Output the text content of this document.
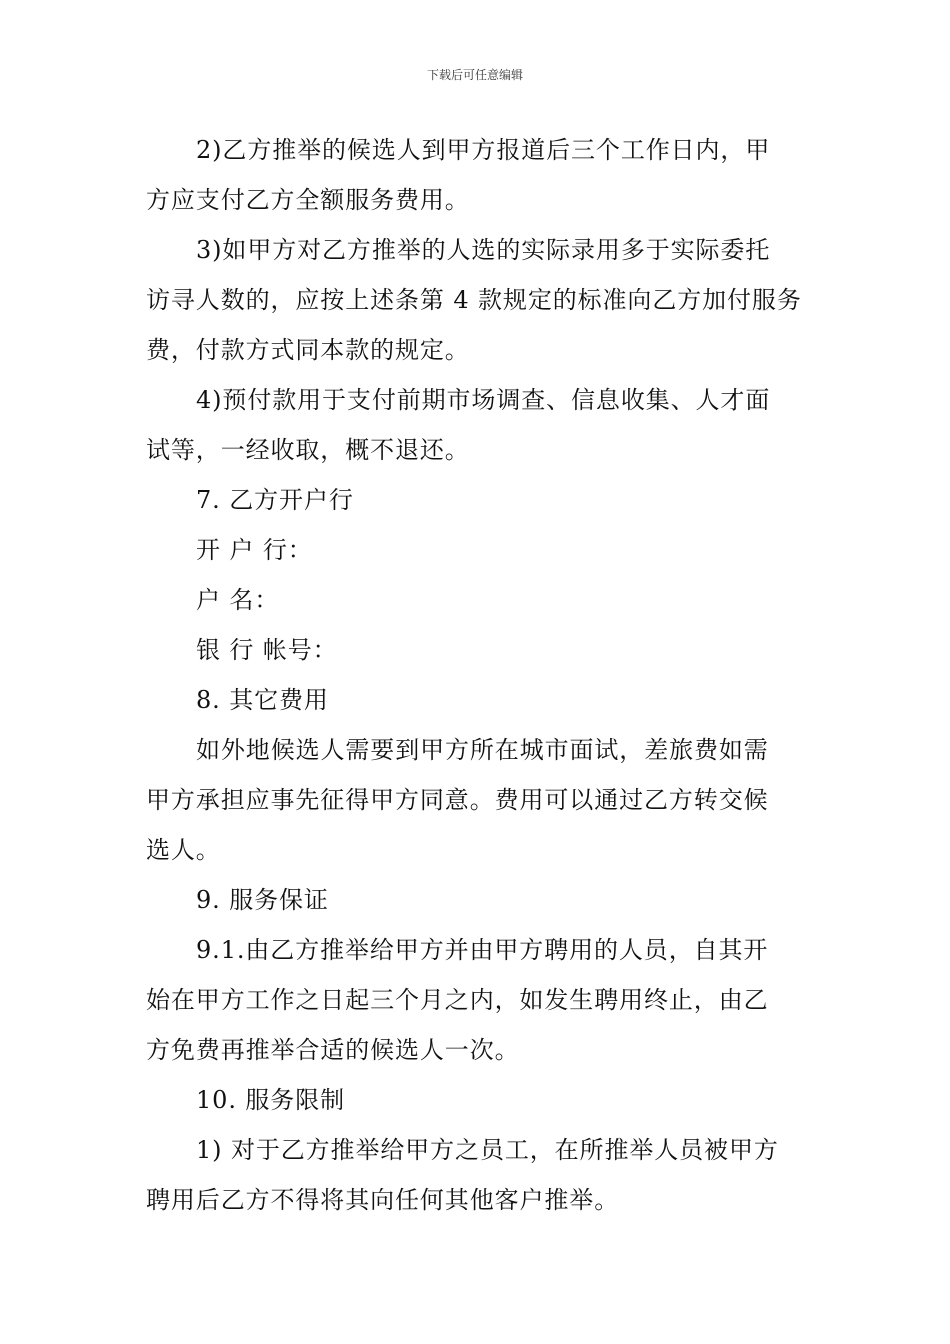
下载后可任意编辑
2)乙方推举的候选人到甲方报道后三个工作日内，甲
方应支付乙方全额服务费用。
3)如甲方对乙方推举的人选的实际录用多于实际委托
访寻人数的，应按上述条第 4 款规定的标准向乙方加付服务
费，付款方式同本款的规定。
4)预付款用于支付前期市场调查、信息收集、人才面
试等，一经收取，概不退还。
7. 乙方开户行
开 户 行：
户 名：
银 行 帐号：
8. 其它费用
如外地候选人需要到甲方所在城市面试，差旅费如需
甲方承担应事先征得甲方同意。费用可以通过乙方转交候
选人。
9. 服务保证
9.1.由乙方推举给甲方并由甲方聘用的人员，自其开
始在甲方工作之日起三个月之内，如发生聘用终止，由乙
方免费再推举合适的候选人一次。
10. 服务限制
1) 对于乙方推举给甲方之员工，在所推举人员被甲方
聘用后乙方不得将其向任何其他客户推举。
